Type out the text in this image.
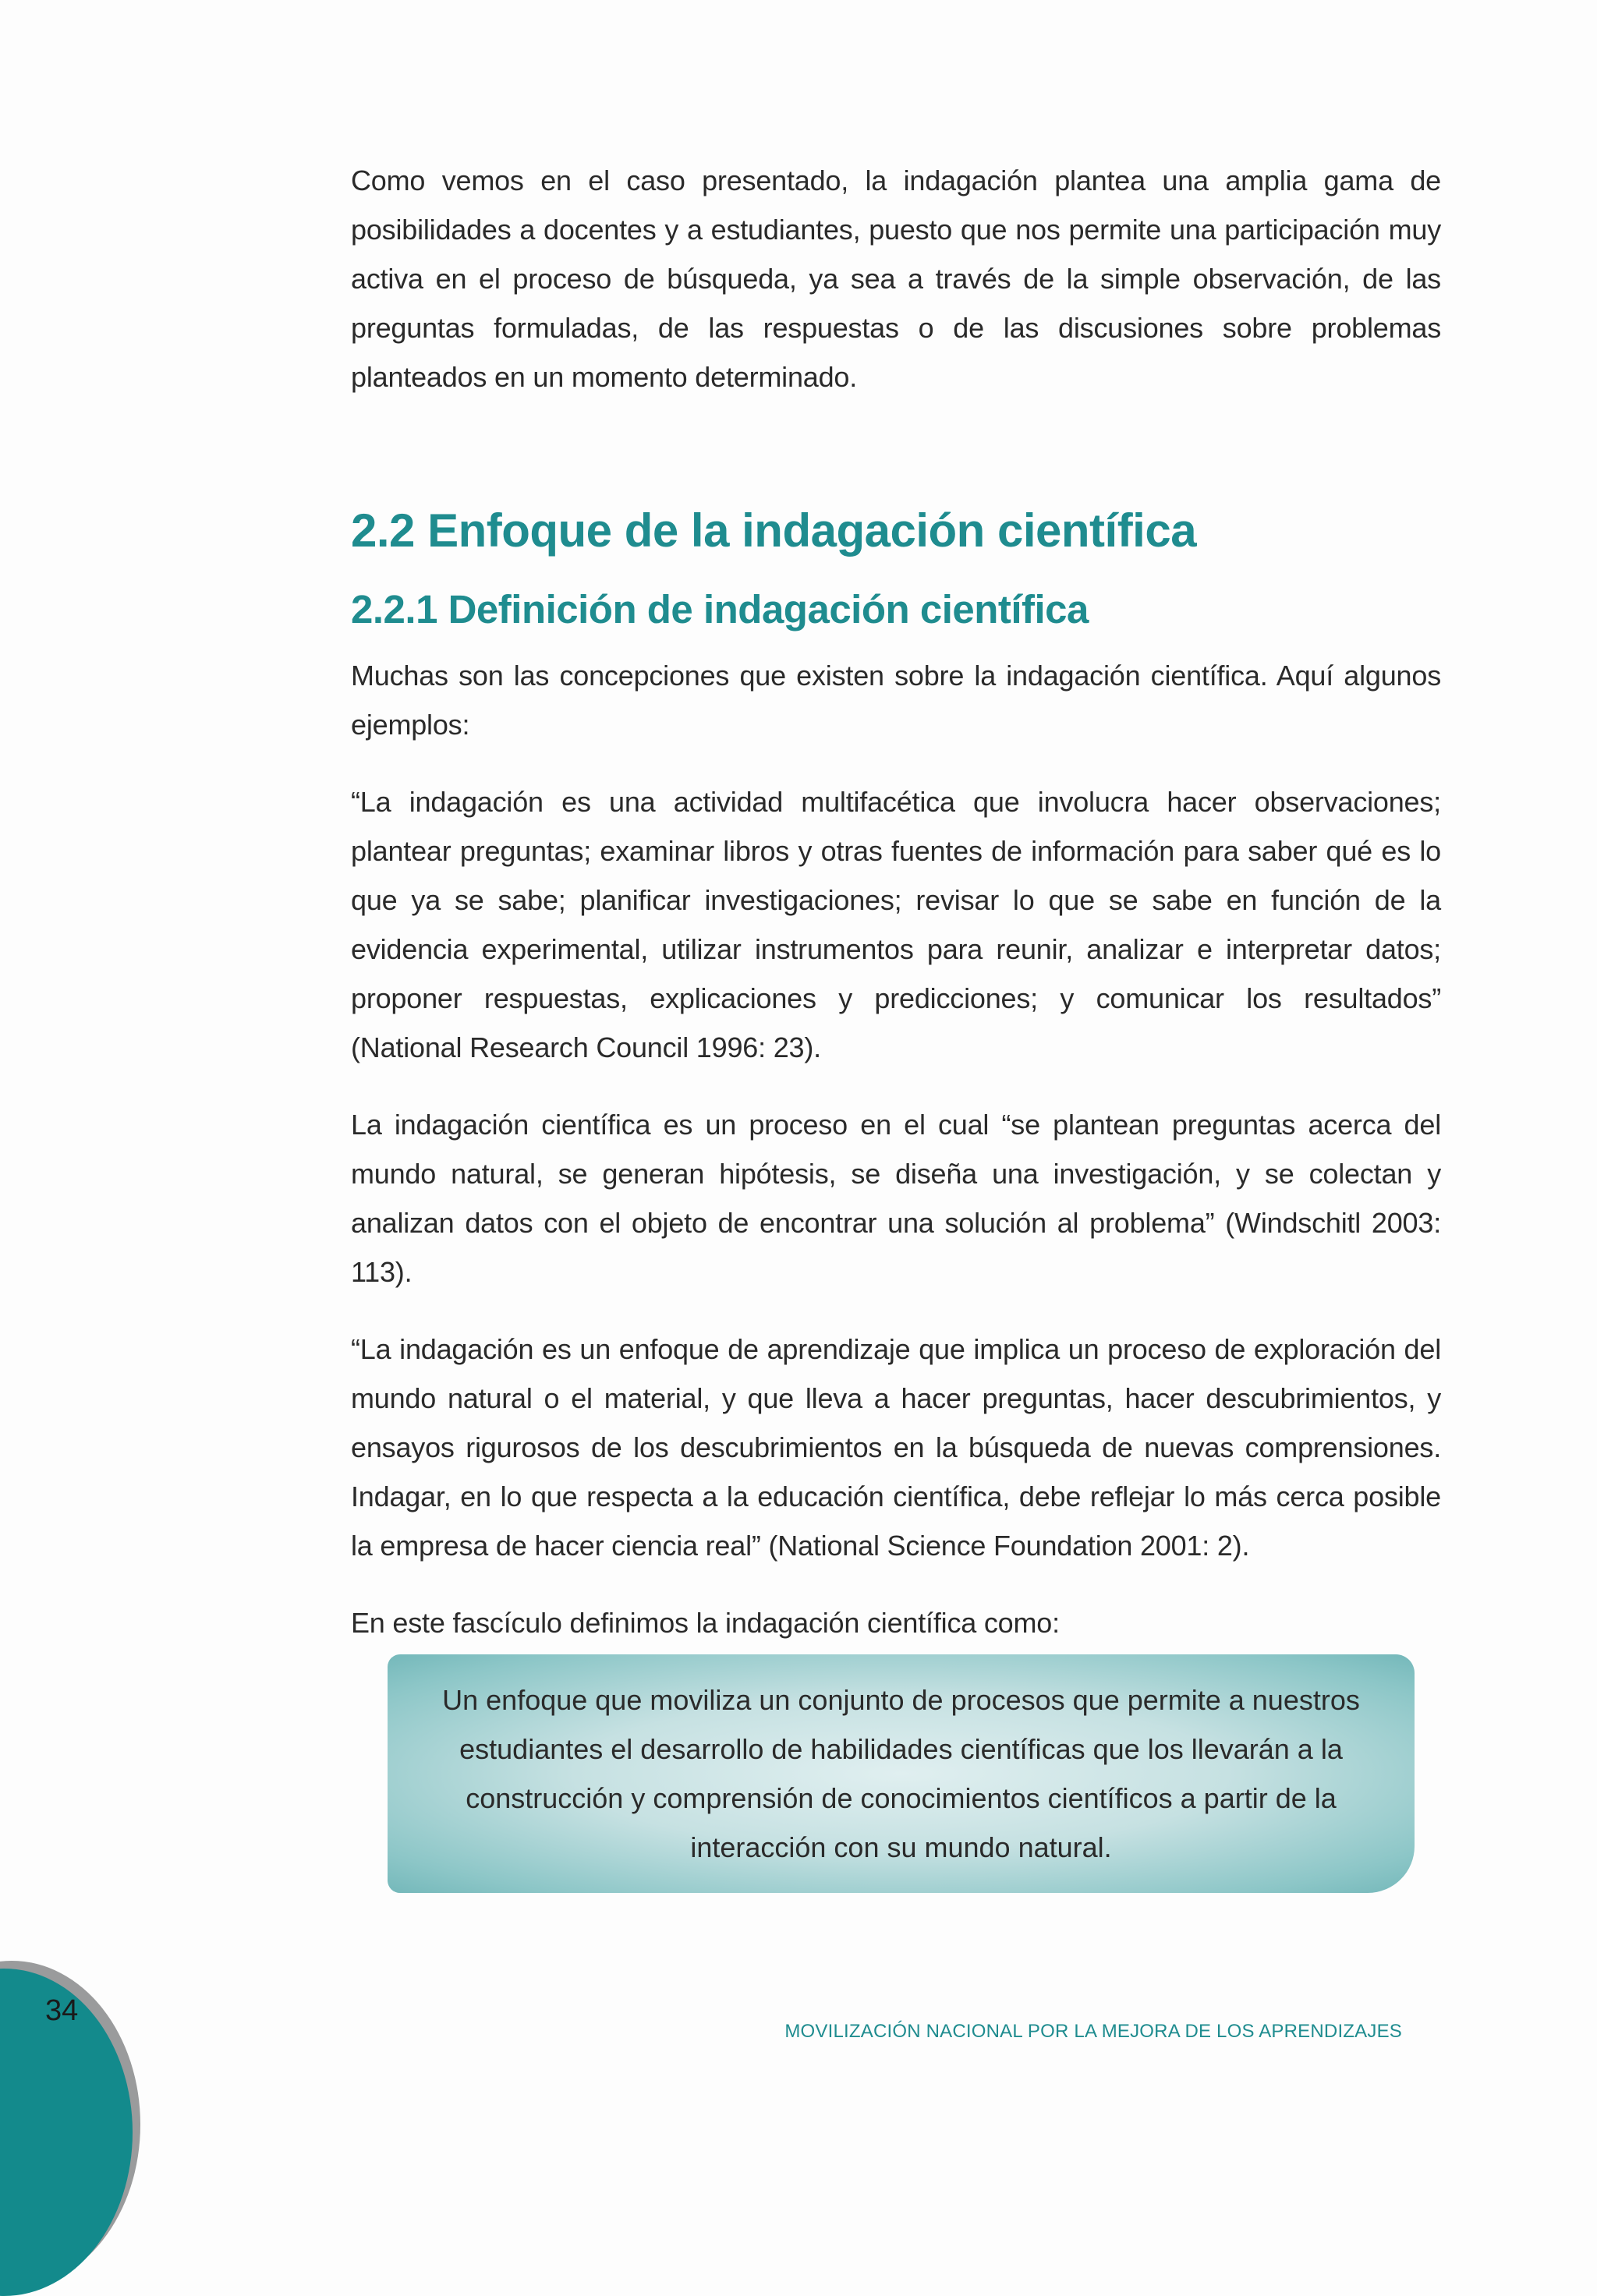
Como vemos en el caso presentado, la indagación plantea una amplia gama de posibilidades a docentes y a estudiantes, puesto que nos permite una participación muy activa en el proceso de búsqueda, ya sea a través de la simple observación, de las preguntas formuladas, de las respuestas o de las discusiones sobre problemas planteados en un momento determinado.

2.2 Enfoque de la indagación científica
2.2.1 Definición de indagación científica

Muchas son las concepciones que existen sobre la indagación científica. Aquí algunos ejemplos:

“La indagación es una actividad multifacética que involucra hacer observaciones; plantear preguntas; examinar libros y otras fuentes de información para saber qué es lo que ya se sabe; planificar investigaciones; revisar lo que se sabe en función de la evidencia experimental, utilizar instrumentos para reunir, analizar e interpretar datos; proponer respuestas, explicaciones y predicciones; y comunicar los resultados” (National Research Council 1996: 23).

La indagación científica es un proceso en el cual “se plantean preguntas acerca del mundo natural, se generan hipótesis, se diseña una investigación, y se colectan y analizan datos con el objeto de encontrar una solución al problema” (Windschitl 2003: 113).

“La indagación es un enfoque de aprendizaje que implica un proceso de exploración del mundo natural o el material, y que lleva a hacer preguntas, hacer descubrimientos, y ensayos rigurosos de los descubrimientos en la búsqueda de nuevas comprensiones. Indagar, en lo que respecta a la educación científica, debe reflejar lo más cerca posible la empresa de hacer ciencia real” (National Science Foundation 2001: 2).

En este fascículo definimos la indagación científica como:

Un enfoque que moviliza un conjunto de procesos que permite a nuestros estudiantes el desarrollo de habilidades científicas que los llevarán a la construcción y comprensión de conocimientos científicos a partir de la interacción con su mundo natural.

34
MOVILIZACIÓN NACIONAL POR LA MEJORA DE LOS APRENDIZAJES
